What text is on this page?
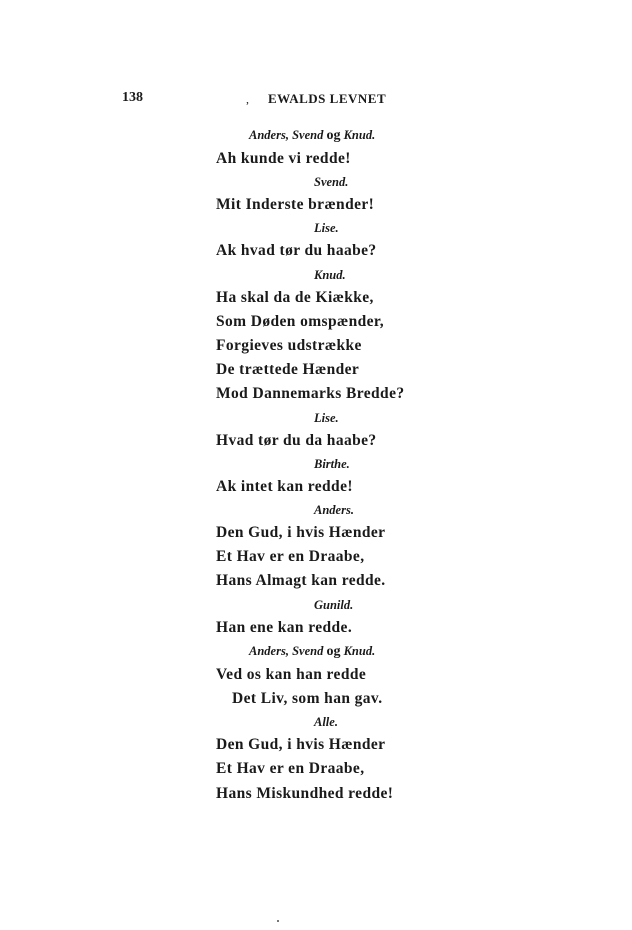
138	, EWALDS LEVNET
Anders, Svend og Knud.
Ah kunde vi redde!
Svend.
Mit Inderste brænder!
Lise.
Ak hvad tør du haabe?
Knud.
Ha skal da de Kiække,
Som Døden omspænder,
Forgieves udstrække
De trættede Hænder
Mod Dannemarks Bredde?
Lise.
Hvad tør du da haabe?
Birthe.
Ak intet kan redde!
Anders.
Den Gud, i hvis Hænder
Et Hav er en Draabe,
Hans Almagt kan redde.
Gunild.
Han ene kan redde.
Anders, Svend og Knud.
Ved os kan han redde
Det Liv, som han gav.
Alle.
Den Gud, i hvis Hænder
Et Hav er en Draabe,
Hans Miskundhed redde!
